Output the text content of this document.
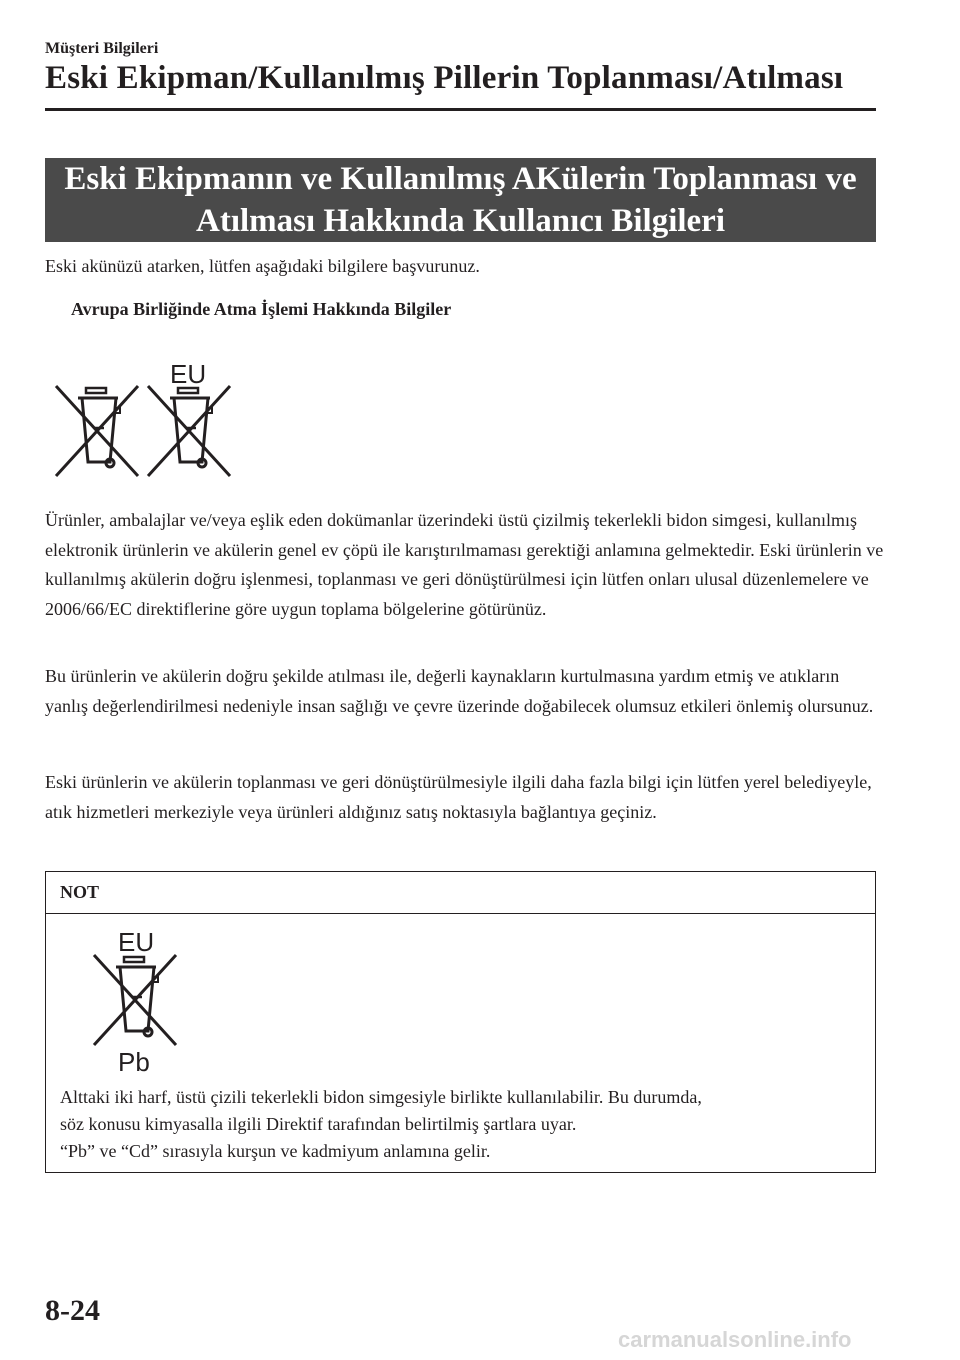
Müşteri Bilgileri
Eski Ekipman/Kullanılmış Pillerin Toplanması/Atılması
Eski Ekipmanın ve Kullanılmış AKülerin Toplanması ve
Atılması Hakkında Kullanıcı Bilgileri
Eski akünüzü atarken, lütfen aşağıdaki bilgilere başvurunuz.
Avrupa Birliğinde Atma İşlemi Hakkında Bilgiler
EU

Ürünler, ambalajlar ve/veya eşlik eden dokümanlar üzerindeki üstü çizilmiş tekerlekli bidon simgesi, kullanılmış elektronik ürünlerin ve akülerin genel ev çöpü ile karıştırılmaması gerektiği anlamına gelmektedir. Eski ürünlerin ve kullanılmış akülerin doğru işlenmesi, toplanması ve geri dönüştürülmesi için lütfen onları ulusal düzenlemelere ve 2006/66/EC direktiflerine göre uygun toplama bölgelerine götürünüz.

Bu ürünlerin ve akülerin doğru şekilde atılması ile, değerli kaynakların kurtulmasına yardım etmiş ve atıkların yanlış değerlendirilmesi nedeniyle insan sağlığı ve çevre üzerinde doğabilecek olumsuz etkileri önlemiş olursunuz.

Eski ürünlerin ve akülerin toplanması ve geri dönüştürülmesiyle ilgili daha fazla bilgi için lütfen yerel belediyeyle, atık hizmetleri merkeziyle veya ürünleri aldığınız satış noktasıyla bağlantıya geçiniz.

NOT
EU
Pb

Alttaki iki harf, üstü çizili tekerlekli bidon simgesiyle birlikte kullanılabilir. Bu durumda,
söz konusu kimyasalla ilgili Direktif tarafından belirtilmiş şartlara uyar.
“Pb” ve “Cd” sırasıyla kurşun ve kadmiyum anlamına gelir.

8-24
carmanualsonline.info
